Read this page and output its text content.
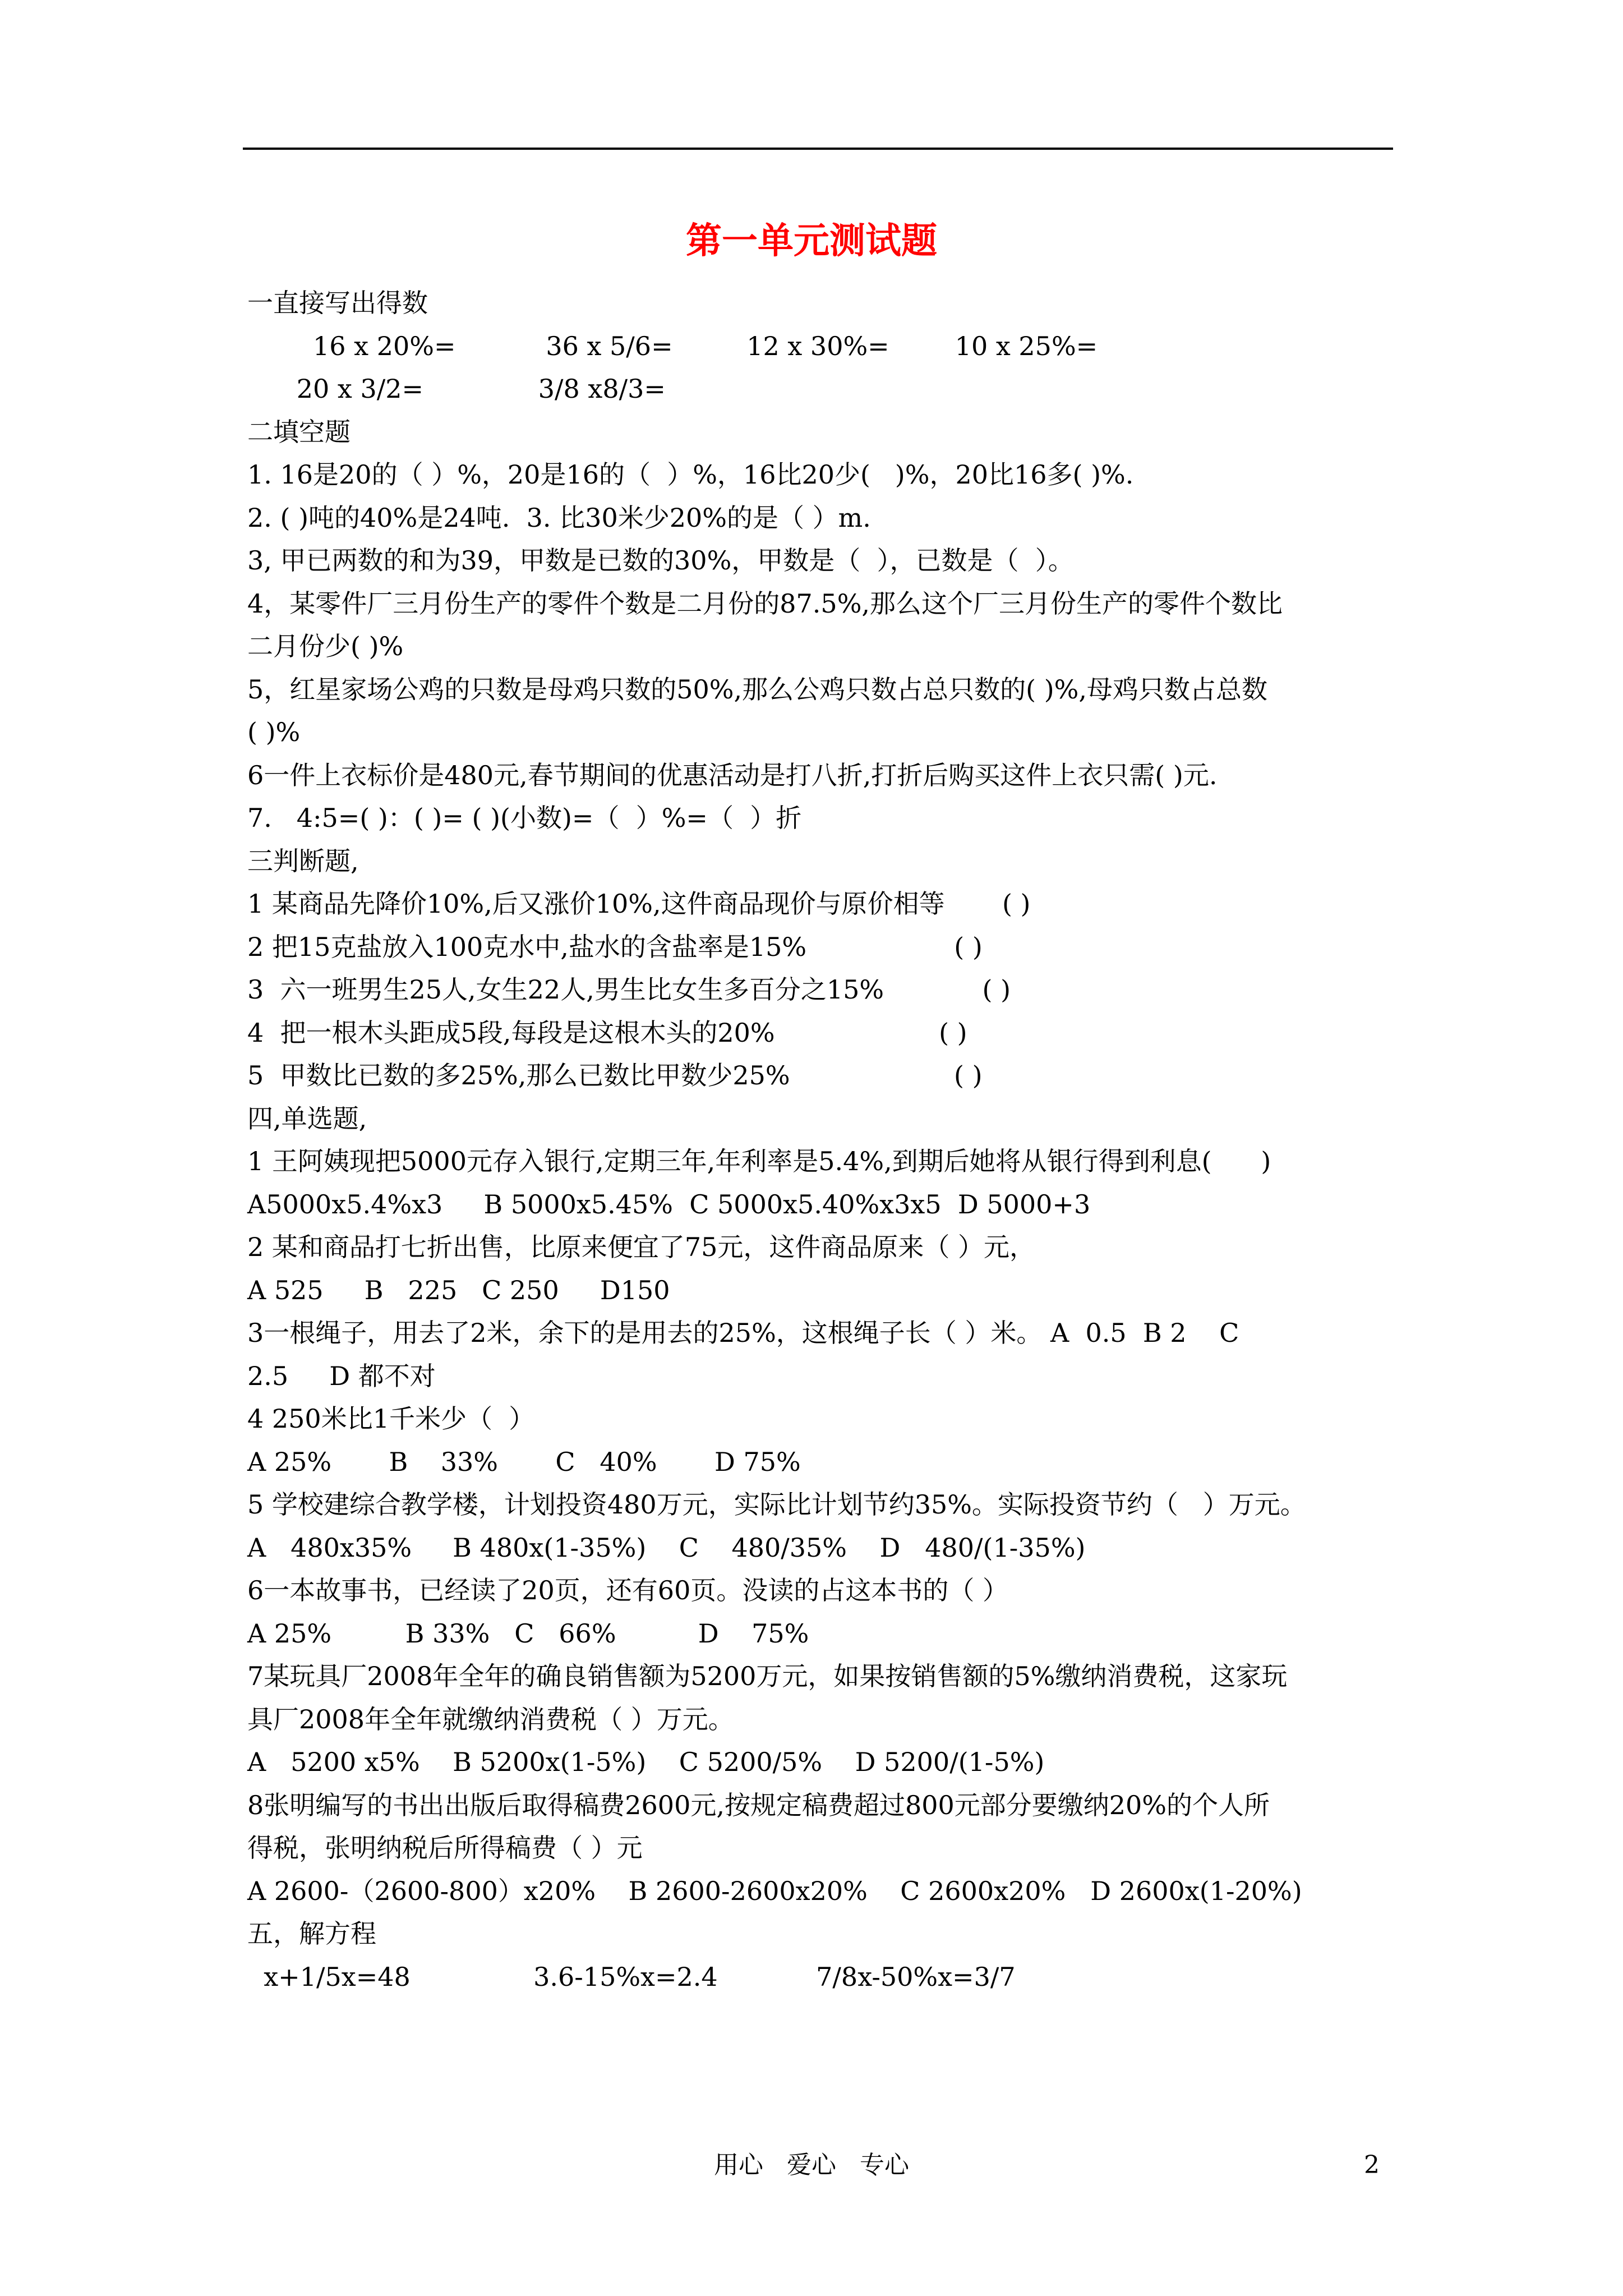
第一单元测试题
一直接写出得数
16 x 20%=           36 x 5/6=         12 x 30%=        10 x 25%=
20 x 3/2=              3/8 x8/3=
二填空题
1. 16是20的（ ）%，20是16的（  ）%，16比20少(   )%，20比16多( )%.
2. ( )吨的40%是24吨.  3. 比30米少20%的是（ ）m.
3, 甲已两数的和为39，甲数是已数的30%，甲数是（  ），已数是（  ）。
4，某零件厂三月份生产的零件个数是二月份的87.5%,那么这个厂三月份生产的零件个数比
二月份少( )%
5，红星家场公鸡的只数是母鸡只数的50%,那么公鸡只数占总只数的( )%,母鸡只数占总数
( )%
6一件上衣标价是480元,春节期间的优惠活动是打八折,打折后购买这件上衣只需( )元.
7.   4:5=( )：( )= ( )(小数)=（  ）%=（  ）折
三判断题,
1 某商品先降价10%,后又涨价10%,这件商品现价与原价相等       ( )
2 把15克盐放入100克水中,盐水的含盐率是15%                  ( )
3  六一班男生25人,女生22人,男生比女生多百分之15%            ( )
4  把一根木头距成5段,每段是这根木头的20%                    ( )
5  甲数比已数的多25%,那么已数比甲数少25%                    ( )
四,单选题,
1 王阿姨现把5000元存入银行,定期三年,年利率是5.4%,到期后她将从银行得到利息(      )
A5000x5.4%x3     B 5000x5.45%  C 5000x5.40%x3x5  D 5000+3
2 某和商品打七折出售，比原来便宜了75元，这件商品原来（ ）元，
A 525     B   225   C 250     D150
3一根绳子，用去了2米，余下的是用去的25%，这根绳子长（ ）米。 A  0.5  B 2    C
2.5     D 都不对
4 250米比1千米少（  ）
A 25%       B    33%       C   40%       D 75%
5 学校建综合教学楼，计划投资480万元，实际比计划节约35%。实际投资节约（   ）万元。
A   480x35%     B 480x(1-35%)    C    480/35%    D   480/(1-35%)
6一本故事书，已经读了20页，还有60页。没读的占这本书的（ ）
A 25%         B 33%   C   66%          D    75%
7某玩具厂2008年全年的确良销售额为5200万元，如果按销售额的5%缴纳消费税，这家玩
具厂2008年全年就缴纳消费税（ ）万元。
A   5200 x5%    B 5200x(1-5%)    C 5200/5%    D 5200/(1-5%)
8张明编写的书出出版后取得稿费2600元,按规定稿费超过800元部分要缴纳20%的个人所
得税，张明纳税后所得稿费（ ）元
A 2600-（2600-800）x20%    B 2600-2600x20%    C 2600x20%   D 2600x(1-20%)
五，解方程
x+1/5x=48               3.6-15%x=2.4            7/8x-50%x=3/7
用心   爱心   专心	2
